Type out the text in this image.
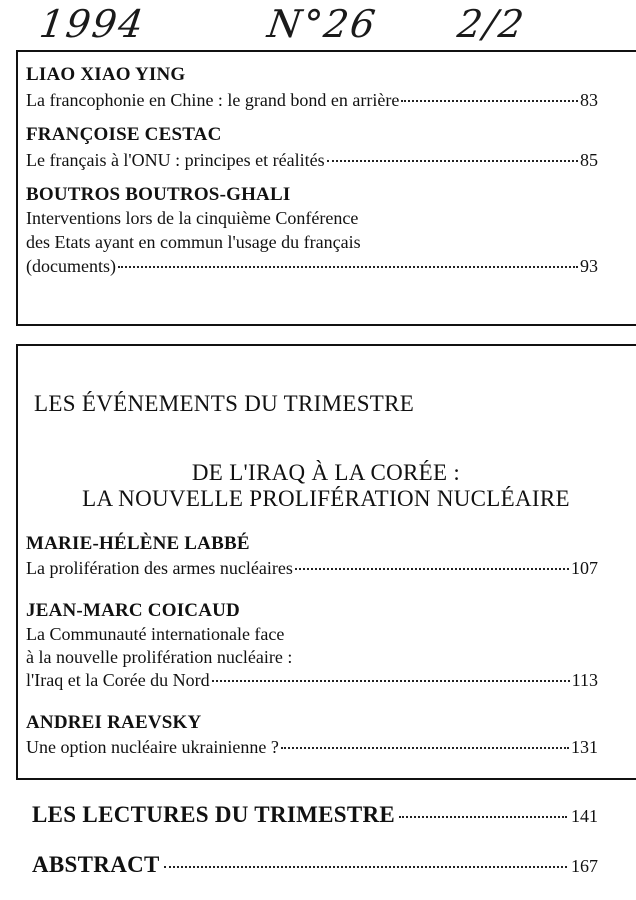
1994	N°26 2/2
LIAO XIAO YING
La francophonie en Chine : le grand bond en arrière	83
FRANÇOISE CESTAC
Le français à l'ONU : principes et réalités	85
BOUTROS BOUTROS-GHALI
Interventions lors de la cinquième Conférence
des Etats ayant en commun l'usage du français
(documents)	93
LES ÉVÉNEMENTS DU TRIMESTRE
DE L'IRAQ À LA CORÉE :
LA NOUVELLE PROLIFÉRATION NUCLÉAIRE
MARIE-HÉLÈNE LABBÉ
La prolifération des armes nucléaires	107
JEAN-MARC COICAUD
La Communauté internationale face
à la nouvelle prolifération nucléaire :
l'Iraq et la Corée du Nord	113
ANDREI RAEVSKY
Une option nucléaire ukrainienne ?	131
LES LECTURES DU TRIMESTRE	141
ABSTRACT	167
